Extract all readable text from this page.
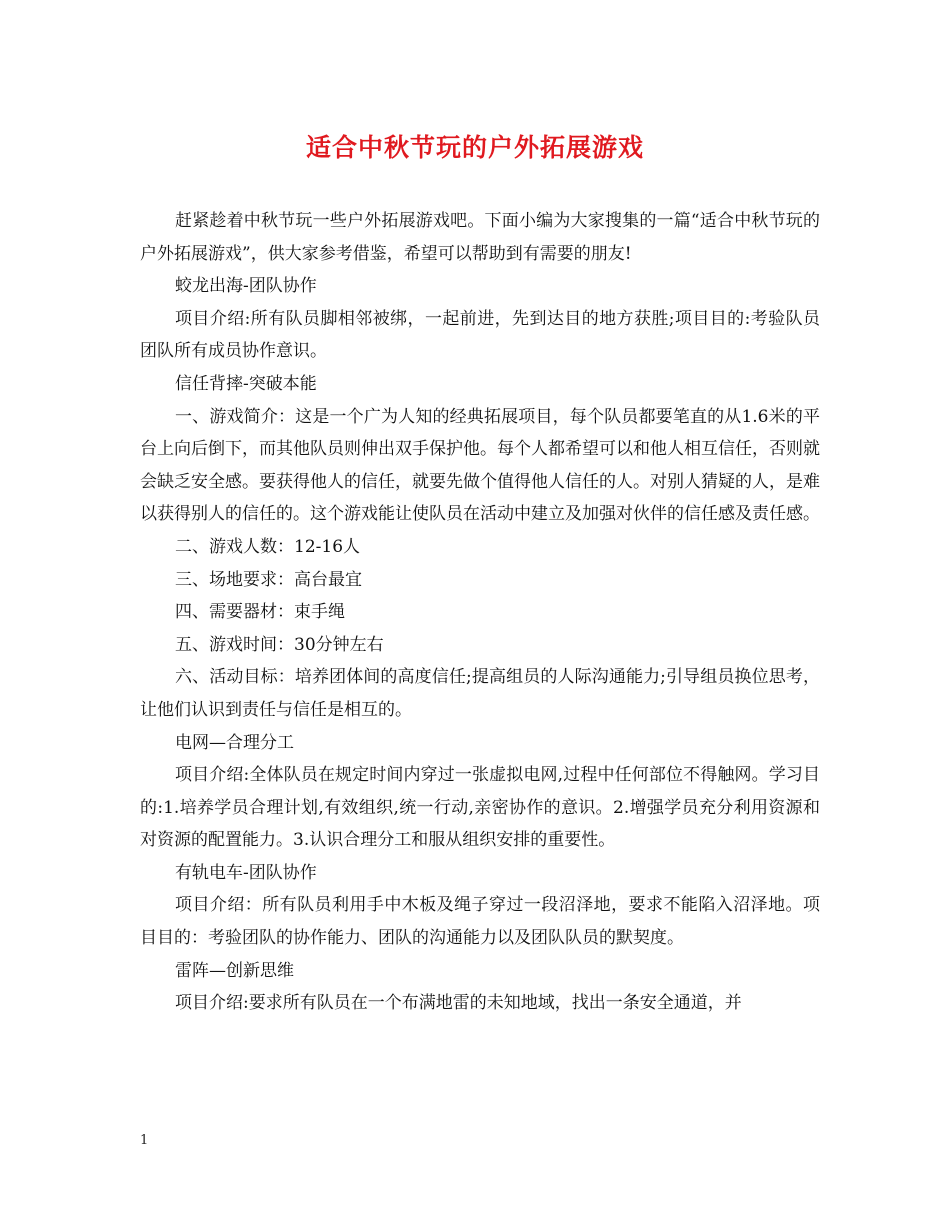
适合中秋节玩的户外拓展游戏

赶紧趁着中秋节玩一些户外拓展游戏吧。下面小编为大家搜集的一篇“适合中秋节玩的户外拓展游戏”，供大家参考借鉴，希望可以帮助到有需要的朋友!

蛟龙出海-团队协作

项目介绍:所有队员脚相邻被绑，一起前进，先到达目的地方获胜;项目目的:考验队员团队所有成员协作意识。

信任背摔-突破本能

一、游戏简介：这是一个广为人知的经典拓展项目，每个队员都要笔直的从1.6米的平台上向后倒下，而其他队员则伸出双手保护他。每个人都希望可以和他人相互信任，否则就会缺乏安全感。要获得他人的信任，就要先做个值得他人信任的人。对别人猜疑的人，是难以获得别人的信任的。这个游戏能让使队员在活动中建立及加强对伙伴的信任感及责任感。

二、游戏人数：12-16人

三、场地要求：高台最宜

四、需要器材：束手绳

五、游戏时间：30分钟左右

六、活动目标：培养团体间的高度信任;提高组员的人际沟通能力;引导组员换位思考，让他们认识到责任与信任是相互的。

电网—合理分工

项目介绍:全体队员在规定时间内穿过一张虚拟电网,过程中任何部位不得触网。学习目的:1.培养学员合理计划,有效组织,统一行动,亲密协作的意识。2.增强学员充分利用资源和对资源的配置能力。3.认识合理分工和服从组织安排的重要性。

有轨电车-团队协作

项目介绍：所有队员利用手中木板及绳子穿过一段沼泽地，要求不能陷入沼泽地。项目目的：考验团队的协作能力、团队的沟通能力以及团队队员的默契度。

雷阵—创新思维

项目介绍:要求所有队员在一个布满地雷的未知地域，找出一条安全通道，并

1
